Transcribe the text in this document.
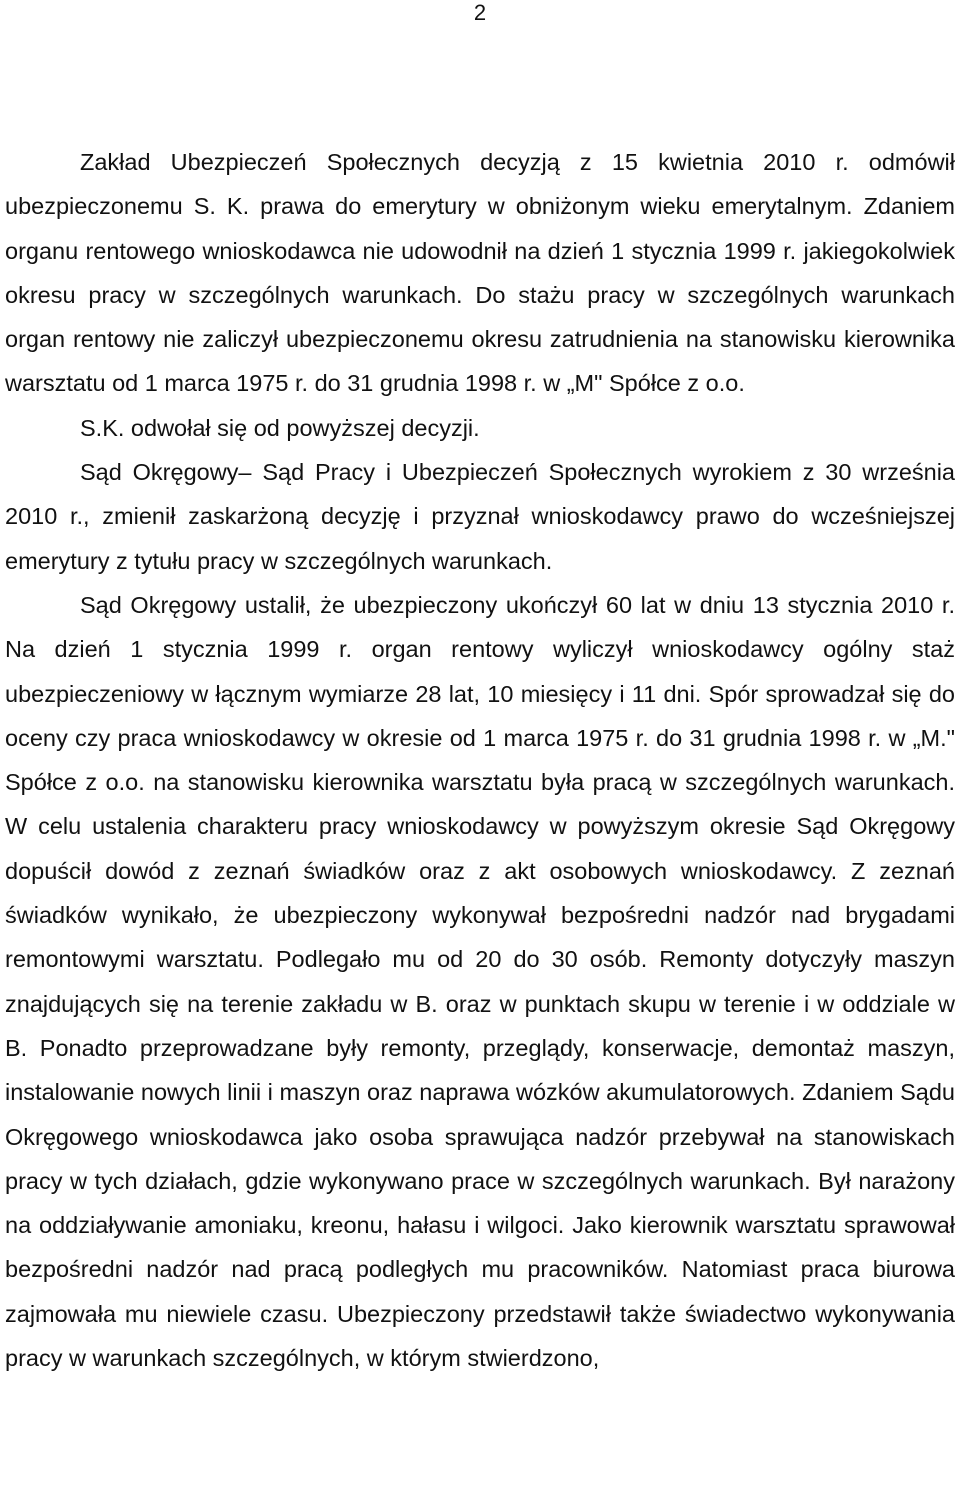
2

Zakład Ubezpieczeń Społecznych decyzją z 15 kwietnia 2010 r. odmówił ubezpieczonemu S. K. prawa do emerytury w obniżonym wieku emerytalnym. Zdaniem organu rentowego wnioskodawca nie udowodnił na dzień 1 stycznia 1999 r. jakiegokolwiek okresu pracy w szczególnych warunkach. Do stażu pracy w szczególnych warunkach organ rentowy nie zaliczył ubezpieczonemu okresu zatrudnienia na stanowisku kierownika warsztatu od 1 marca 1975 r. do 31 grudnia 1998 r. w „M" Spółce z o.o.

S.K. odwołał się od powyższej decyzji.

Sąd Okręgowy– Sąd Pracy i Ubezpieczeń Społecznych wyrokiem z 30 września 2010 r., zmienił zaskarżoną decyzję i przyznał wnioskodawcy prawo do wcześniejszej emerytury z tytułu pracy w szczególnych warunkach.

Sąd Okręgowy ustalił, że ubezpieczony ukończył 60 lat w dniu 13 stycznia 2010 r. Na dzień 1 stycznia 1999 r. organ rentowy wyliczył wnioskodawcy ogólny staż ubezpieczeniowy w łącznym wymiarze 28 lat, 10 miesięcy i 11 dni. Spór sprowadzał się do oceny czy praca wnioskodawcy w okresie od 1 marca 1975 r. do 31 grudnia 1998 r. w „M." Spółce z o.o. na stanowisku kierownika warsztatu była pracą w szczególnych warunkach. W celu ustalenia charakteru pracy wnioskodawcy w powyższym okresie Sąd Okręgowy dopuścił dowód z zeznań świadków oraz z akt osobowych wnioskodawcy. Z zeznań świadków wynikało, że ubezpieczony wykonywał bezpośredni nadzór nad brygadami remontowymi warsztatu. Podlegało mu od 20 do 30 osób. Remonty dotyczyły maszyn znajdujących się na terenie zakładu w B. oraz w punktach skupu w terenie i w oddziale w B. Ponadto przeprowadzane były remonty, przeglądy, konserwacje, demontaż maszyn, instalowanie nowych linii i maszyn oraz naprawa wózków akumulatorowych. Zdaniem Sądu Okręgowego wnioskodawca jako osoba sprawująca nadzór przebywał na stanowiskach pracy w tych działach, gdzie wykonywano prace w szczególnych warunkach. Był narażony na oddziaływanie amoniaku, kreonu, hałasu i wilgoci. Jako kierownik warsztatu sprawował bezpośredni nadzór nad pracą podległych mu pracowników. Natomiast praca biurowa zajmowała mu niewiele czasu. Ubezpieczony przedstawił także świadectwo wykonywania pracy w warunkach szczególnych, w którym stwierdzono,
